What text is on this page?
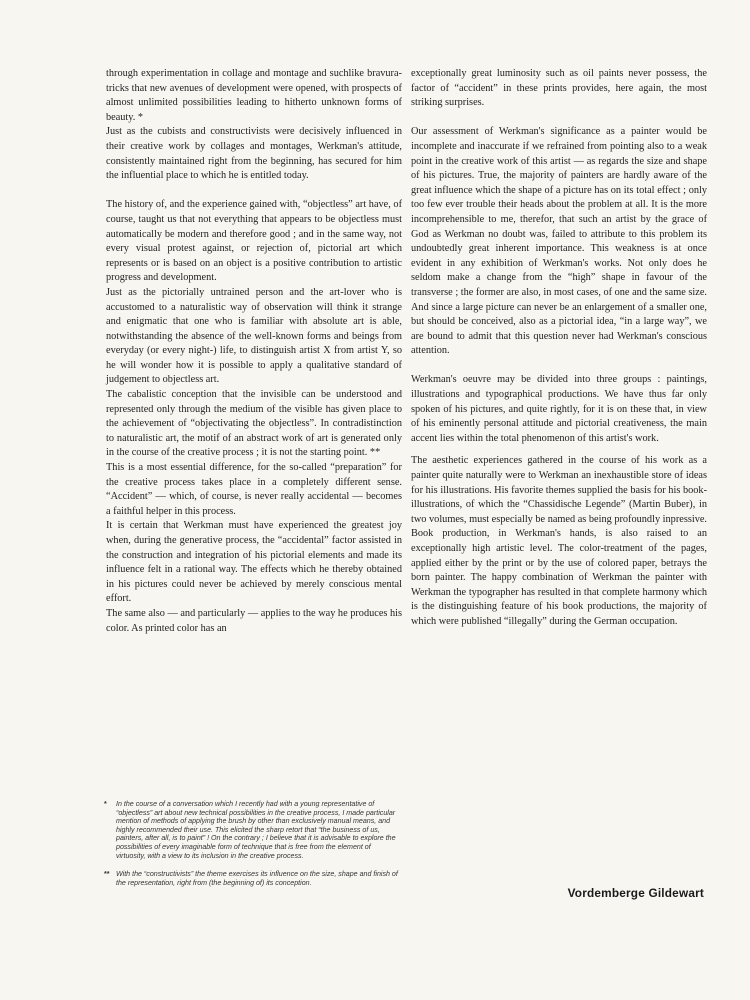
through experimentation in collage and montage and suchlike bravura-tricks that new avenues of development were opened, with prospects of almost unlimited possibilities leading to hitherto unknown forms of beauty. *

Just as the cubists and constructivists were decisively influenced in their creative work by collages and montages, Werkman's attitude, consistently maintained right from the beginning, has secured for him the influential place to which he is entitled today.

The history of, and the experience gained with, “objectless” art have, of course, taught us that not everything that appears to be objectless must automatically be modern and therefore good ; and in the same way, not every visual protest against, or rejection of, pictorial art which represents or is based on an object is a positive contribution to artistic progress and development.

Just as the pictorially untrained person and the art-lover who is accustomed to a naturalistic way of observation will think it strange and enigmatic that one who is familiar with absolute art is able, notwithstanding the absence of the well-known forms and beings from everyday (or every night-) life, to distinguish artist X from artist Y, so he will wonder how it is possible to apply a qualitative standard of judgement to objectless art.

The cabalistic conception that the invisible can be understood and represented only through the medium of the visible has given place to the achievement of “objectivating the objectless”. In contradistinction to naturalistic art, the motif of an abstract work of art is generated only in the course of the creative process ; it is not the starting point. **

This is a most essential difference, for the so-called “preparation” for the creative process takes place in a completely different sense. “Accident” — which, of course, is never really accidental — becomes a faithful helper in this process.

It is certain that Werkman must have experienced the greatest joy when, during the generative process, the “accidental” factor assisted in the construction and integration of his pictorial elements and made its influence felt in a rational way. The effects which he thereby obtained in his pictures could never be achieved by merely conscious mental effort.

The same also — and particularly — applies to the way he produces his color. As printed color has an

exceptionally great luminosity such as oil paints never possess, the factor of “accident” in these prints provides, here again, the most striking surprises.

Our assessment of Werkman's significance as a painter would be incomplete and inaccurate if we refrained from pointing also to a weak point in the creative work of this artist — as regards the size and shape of his pictures. True, the majority of painters are hardly aware of the great influence which the shape of a picture has on its total effect ; only too few ever trouble their heads about the problem at all. It is the more incomprehensible to me, therefor, that such an artist by the grace of God as Werkman no doubt was, failed to attribute to this problem its undoubtedly great inherent importance. This weakness is at once evident in any exhibition of Werkman's works. Not only does he seldom make a change from the “high” shape in favour of the transverse ; the former are also, in most cases, of one and the same size. And since a large picture can never be an enlargement of a smaller one, but should be conceived, also as a pictorial idea, “in a large way”, we are bound to admit that this question never had Werkman's conscious attention.

Werkman's oeuvre may be divided into three groups : paintings, illustrations and typographical productions. We have thus far only spoken of his pictures, and quite rightly, for it is on these that, in view of his eminently personal attitude and pictorial creativeness, the main accent lies within the total phenomenon of this artist's work.

The aesthetic experiences gathered in the course of his work as a painter quite naturally were to Werkman an inexhaustible store of ideas for his illustrations. His favorite themes supplied the basis for his book-illustrations, of which the “Chassidische Legende” (Martin Buber), in two volumes, must especially be named as being profoundly inpressive. Book production, in Werkman's hands, is also raised to an exceptionally high artistic level. The color-treatment of the pages, applied either by the print or by the use of colored paper, betrays the born painter. The happy combination of Werkman the painter with Werkman the typographer has resulted in that complete harmony which is the distinguishing feature of his book productions, the majority of which were published “illegally” during the German occupation.

*	In the course of a conversation which I recently had with a young representative of “objectless” art about new technical possibilities in the creative process, I made particular mention of methods of applying the brush by other than exclusively manual means, and highly recommended their use. This elicited the sharp retort that “the business of us, painters, after all, is to paint” ! On the contrary ; I believe that it is advisable to explore the possibilities of every imaginable form of technique that is free from the element of virtuosity, with a view to its inclusion in the creative process.
** With the “constructivists” the theme exercises its influence on the size, shape and finish of the representation, right from (the beginning of) its conception.
Vordemberge Gildewart
